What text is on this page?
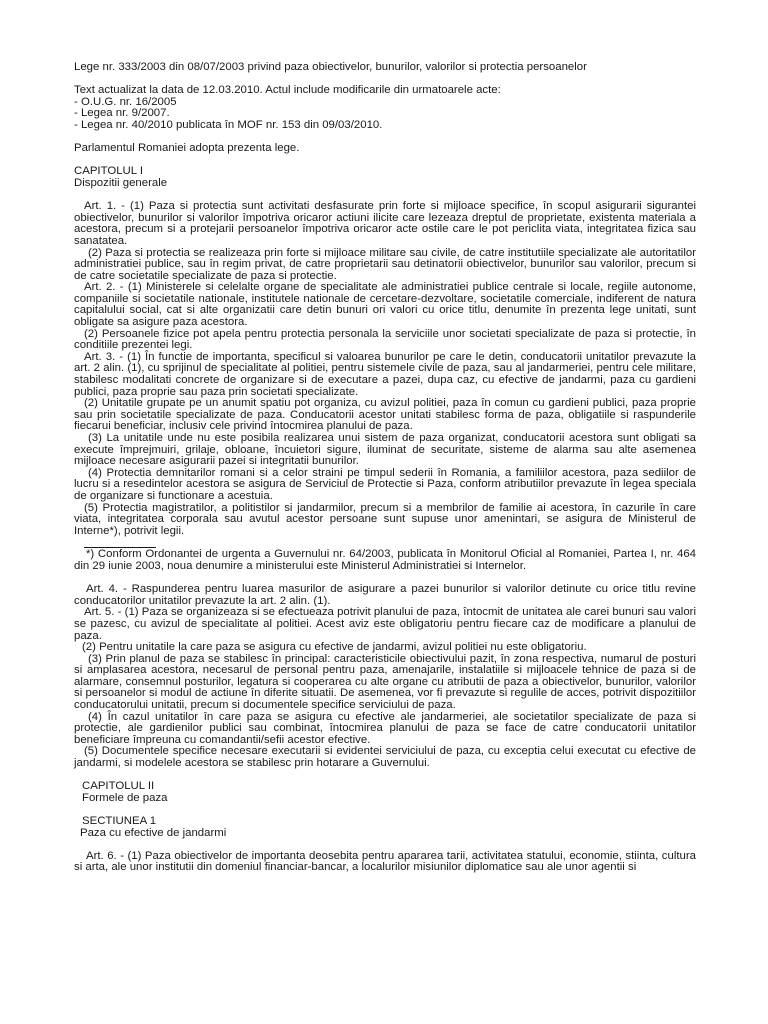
Lege nr. 333/2003 din 08/07/2003 privind paza obiectivelor, bunurilor, valorilor si protectia persoanelor

Text actualizat la data de 12.03.2010. Actul include modificarile din urmatoarele acte:

- O.U.G. nr. 16/2005

- Legea nr. 9/2007.

- Legea nr. 40/2010 publicata în MOF nr. 153 din 09/03/2010.

Parlamentul Romaniei adopta prezenta lege.

CAPITOLUL I

Dispozitii generale

Art. 1. - (1) Paza si protectia sunt activitati desfasurate prin forte si mijloace specifice, în scopul asigurarii sigurantei obiectivelor, bunurilor si valorilor împotriva oricaror actiuni ilicite care lezeaza dreptul de proprietate, existenta materiala a acestora, precum si a protejarii persoanelor împotriva oricaror acte ostile care le pot periclita viata, integritatea fizica sau sanatatea.

(2) Paza si protectia se realizeaza prin forte si mijloace militare sau civile, de catre institutiile specializate ale autoritatilor administratiei publice, sau în regim privat, de catre proprietarii sau detinatorii obiectivelor, bunurilor sau valorilor, precum si de catre societatile specializate de paza si protectie.

Art. 2. - (1) Ministerele si celelalte organe de specialitate ale administratiei publice centrale si locale, regiile autonome, companiile si societatile nationale, institutele nationale de cercetare-dezvoltare, societatile comerciale, indiferent de natura capitalului social, cat si alte organizatii care detin bunuri ori valori cu orice titlu, denumite în prezenta lege unitati, sunt obligate sa asigure paza acestora.

(2) Persoanele fizice pot apela pentru protectia personala la serviciile unor societati specializate de paza si protectie, în conditiile prezentei legi.

Art. 3. - (1) În functie de importanta, specificul si valoarea bunurilor pe care le detin, conducatorii unitatilor prevazute la art. 2 alin. (1), cu sprijinul de specialitate al politiei, pentru sistemele civile de paza, sau al jandarmeriei, pentru cele militare, stabilesc modalitati concrete de organizare si de executare a pazei, dupa caz, cu efective de jandarmi, paza cu gardieni publici, paza proprie sau paza prin societati specializate.

(2) Unitatile grupate pe un anumit spatiu pot organiza, cu avizul politiei, paza în comun cu gardieni publici, paza proprie sau prin societatile specializate de paza. Conducatorii acestor unitati stabilesc forma de paza, obligatiile si raspunderile fiecarui beneficiar, inclusiv cele privind întocmirea planului de paza.

(3) La unitatile unde nu este posibila realizarea unui sistem de paza organizat, conducatorii acestora sunt obligati sa execute împrejmuiri, grilaje, obloane, încuietori sigure, iluminat de securitate, sisteme de alarma sau alte asemenea mijloace necesare asigurarii pazei si integritatii bunurilor.

(4) Protectia demnitarilor romani si a celor straini pe timpul sederii în Romania, a familiilor acestora, paza sediilor de lucru si a resedintelor acestora se asigura de Serviciul de Protectie si Paza, conform atributiilor prevazute în legea speciala de organizare si functionare a acestuia.

(5) Protectia magistratilor, a politistilor si jandarmilor, precum si a membrilor de familie ai acestora, în cazurile în care viata, integritatea corporala sau avutul acestor persoane sunt supuse unor amenintari, se asigura de Ministerul de Interne*), potrivit legii.

*) Conform Ordonantei de urgenta a Guvernului nr. 64/2003, publicata în Monitorul Oficial al Romaniei, Partea I, nr. 464 din 29 iunie 2003, noua denumire a ministerului este Ministerul Administratiei si Internelor.

Art. 4. - Raspunderea pentru luarea masurilor de asigurare a pazei bunurilor si valorilor detinute cu orice titlu revine conducatorilor unitatilor prevazute la art. 2 alin. (1).

Art. 5. - (1) Paza se organizeaza si se efectueaza potrivit planului de paza, întocmit de unitatea ale carei bunuri sau valori se pazesc, cu avizul de specialitate al politiei. Acest aviz este obligatoriu pentru fiecare caz de modificare a planului de paza.

(2) Pentru unitatile la care paza se asigura cu efective de jandarmi, avizul politiei nu este obligatoriu.

(3) Prin planul de paza se stabilesc în principal: caracteristicile obiectivului pazit, în zona respectiva, numarul de posturi si amplasarea acestora, necesarul de personal pentru paza, amenajarile, instalatiile si mijloacele tehnice de paza si de alarmare, consemnul posturilor, legatura si cooperarea cu alte organe cu atributii de paza a obiectivelor, bunurilor, valorilor si persoanelor si modul de actiune în diferite situatii. De asemenea, vor fi prevazute si regulile de acces, potrivit dispozitiilor conducatorului unitatii, precum si documentele specifice serviciului de paza.

(4) În cazul unitatilor în care paza se asigura cu efective ale jandarmeriei, ale societatilor specializate de paza si protectie, ale gardienilor publici sau combinat, întocmirea planului de paza se face de catre conducatorii unitatilor beneficiare împreuna cu comandantii/sefii acestor efective.

(5) Documentele specifice necesare executarii si evidentei serviciului de paza, cu exceptia celui executat cu efective de jandarmi, si modelele acestora se stabilesc prin hotarare a Guvernului.

CAPITOLUL II

Formele de paza

SECTIUNEA 1

Paza cu efective de jandarmi

Art. 6. - (1) Paza obiectivelor de importanta deosebita pentru apararea tarii, activitatea statului, economie, stiinta, cultura si arta, ale unor institutii din domeniul financiar-bancar, a localurilor misiunilor diplomatice sau ale unor agentii si
